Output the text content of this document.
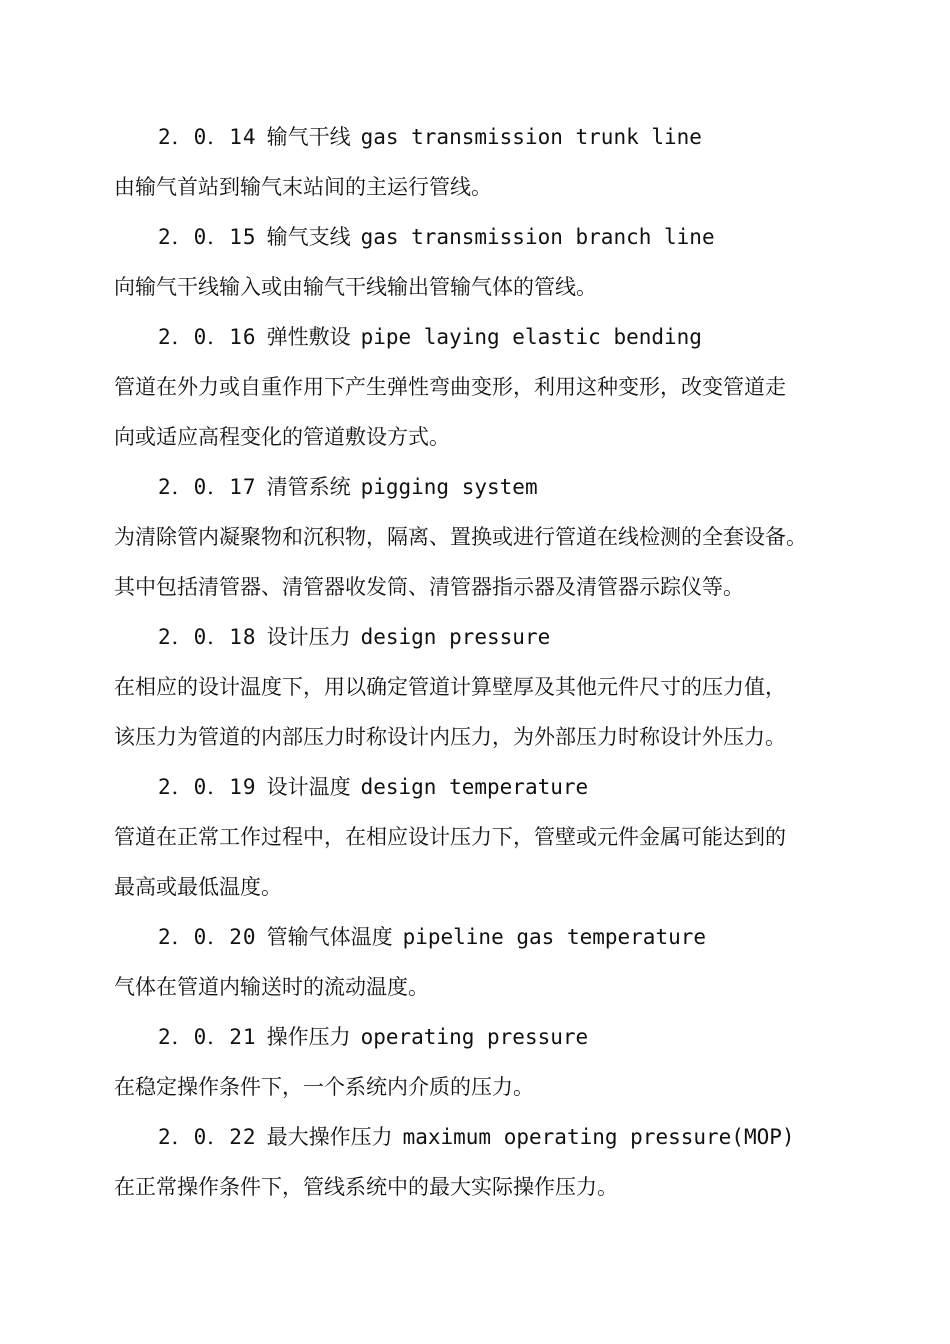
2．0．14 输气干线 gas transmission trunk line
由输气首站到输气末站间的主运行管线。
2．0．15 输气支线 gas transmission branch line
向输气干线输入或由输气干线输出管输气体的管线。
2．0．16 弹性敷设 pipe laying elastic bending
管道在外力或自重作用下产生弹性弯曲变形，利用这种变形，改变管道走
向或适应高程变化的管道敷设方式。
2．0．17 清管系统 pigging system
为清除管内凝聚物和沉积物，隔离、置换或进行管道在线检测的全套设备。
其中包括清管器、清管器收发筒、清管器指示器及清管器示踪仪等。
2．0．18 设计压力 design pressure
在相应的设计温度下，用以确定管道计算壁厚及其他元件尺寸的压力值，
该压力为管道的内部压力时称设计内压力，为外部压力时称设计外压力。
2．0．19 设计温度 design temperature
管道在正常工作过程中，在相应设计压力下，管壁或元件金属可能达到的
最高或最低温度。
2．0．20 管输气体温度 pipeline gas temperature
气体在管道内输送时的流动温度。
2．0．21 操作压力 operating pressure
在稳定操作条件下，一个系统内介质的压力。
2．0．22 最大操作压力 maximum operating pressure(MOP)
在正常操作条件下，管线系统中的最大实际操作压力。
